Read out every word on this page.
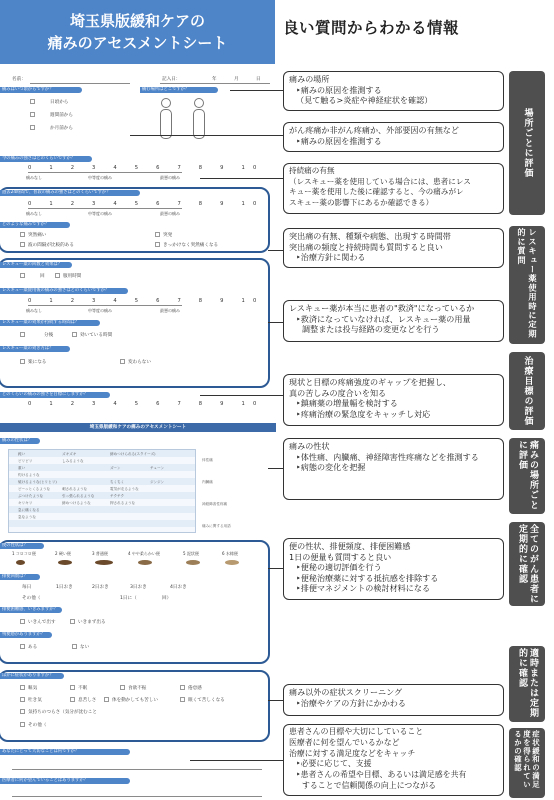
埼玉県版緩和ケアの
痛みのアセスメントシート
良い質問からわかる情報
名前：	記入日：	年	月	日
痛みはいつ頃からですか？	痛む場所はどこですか？
日頃から
週間前から
か月前から
今の痛みの強さはどのくらいですか？
0 1 2 3 4 5 6 7 8 9 10
痛みなし	中等度の痛み	最悪の痛み
過去24時間で、普段の痛みの強さはどのくらいですか？
0 1 2 3 4 5 6 7 8 9 10
痛みなし	中等度の痛み	最悪の痛み
どのような痛みですか？
突然痛い	突発
波の間隔が比較的ある	きっかけなく突然痛くなる
レスキュー薬の回数と効果は？
回	服用時間
レスキュー薬使用後の痛みの強さはどのくらいですか？
0 1 2 3 4 5 6 7 8 9 10
痛みなし	中等度の痛み	最悪の痛み
レスキュー薬の効果が持続する時間は？
分後	効いている時間
レスキュー薬の効き方は？
楽になる	変わらない
どのくらいの痛みの強さを目標にしますか？
0 1 2 3 4 5 6 7 8 9 10
埼玉県版緩和ケアの痛みのアセスメントシート
痛みの性状は？
鈍い	ズキズキ	締めつけられる(スクイーズ)
ビリビリ	しみるような
重い	ズーン	チューン
灼けるような
焼けるような(ヒリヒリ)	ちくちく	ジンジン
ビーっとくるような	刺されるような	電気が走るような
ぶつけたような	引っ張られるような	チクチク
キリキリ	締めつけるような	押されるような
急に痛くなる
急なような
体性痛
内臓痛
神経障害性疼痛
痛みに関する用語
便の性状は？
1 コロコロ便	2 硬い便	3 普通便	4 やや柔らかい便	5 泥状便	6 水様便
排便回数は？
毎日	1日おき	2日おき	3日おき	4日おき
その他（	1日に（	回）
排便困難感、いきみますか？
いきんで出す	いきまず出る
残便感がありますか？
ある	ない
ほかに症状がありますか？
嘔気	不眠	食欲不振	倦怠感
吐き気	息苦しさ	体を動かしても苦しい	眠くて苦しくなる
気持ちのつらさ（気分が沈むこと
その他（
あなたにとって大切なことは何ですか？
医療者に何か望んでいることはありますか？
痛みの場所
‣痛みの原因を推測する
（見て触る>炎症や神経症状を確認）
がん疼痛か非がん疼痛か、外部要因の有無など
‣痛みの原因を推測する
持続痛の有無
（レスキュー薬を使用している場合には、患者にレス
キュー薬を使用した後に確認すると、今の痛みがレ
スキュー薬の影響下にあるか確認できる）
突出痛の有無、種類や病態、出現する時間帯
突出痛の頻度と持続時間も質問すると良い
‣治療方針に関わる
レスキュー薬が本当に患者の"救済"になっているか
‣救済になっていなければ、レスキュー薬の用量
調整または投与経路の変更などを行う
現状と目標の疼痛強度のギャップを把握し、
真の苦しみの度合いを知る
‣鎮痛薬の増量幅を検討する
‣疼痛治療の緊急度をキャッチし対応
痛みの性状
‣体性痛、内臓痛、神経障害性疼痛などを推測する
‣病態の変化を把握
便の性状、排便頻度、排便困難感
1日の便量も質問すると良い
‣便秘の適切評価を行う
‣便秘治療薬に対する抵抗感を排除する
‣排便マネジメントの検討材料になる
痛み以外の症状スクリーニング
‣治療やケアの方針にかかわる
患者さんの目標や大切にしていること
医療者に何を望んでいるかなど
治療に対する満足度などをキャッチ
‣必要に応じて、支援
‣患者さんの希望や目標、あるいは満足感を共有
することで信頼関係の向上につながる
場所ごとに評価
レスキュー薬使用時に定期的に質問
治療目標の評価
痛みの場所ごとに評価
全てのがん患者に定期的に確認
適時または定期的に確認
症状緩和の満足度を得られているかの確認
